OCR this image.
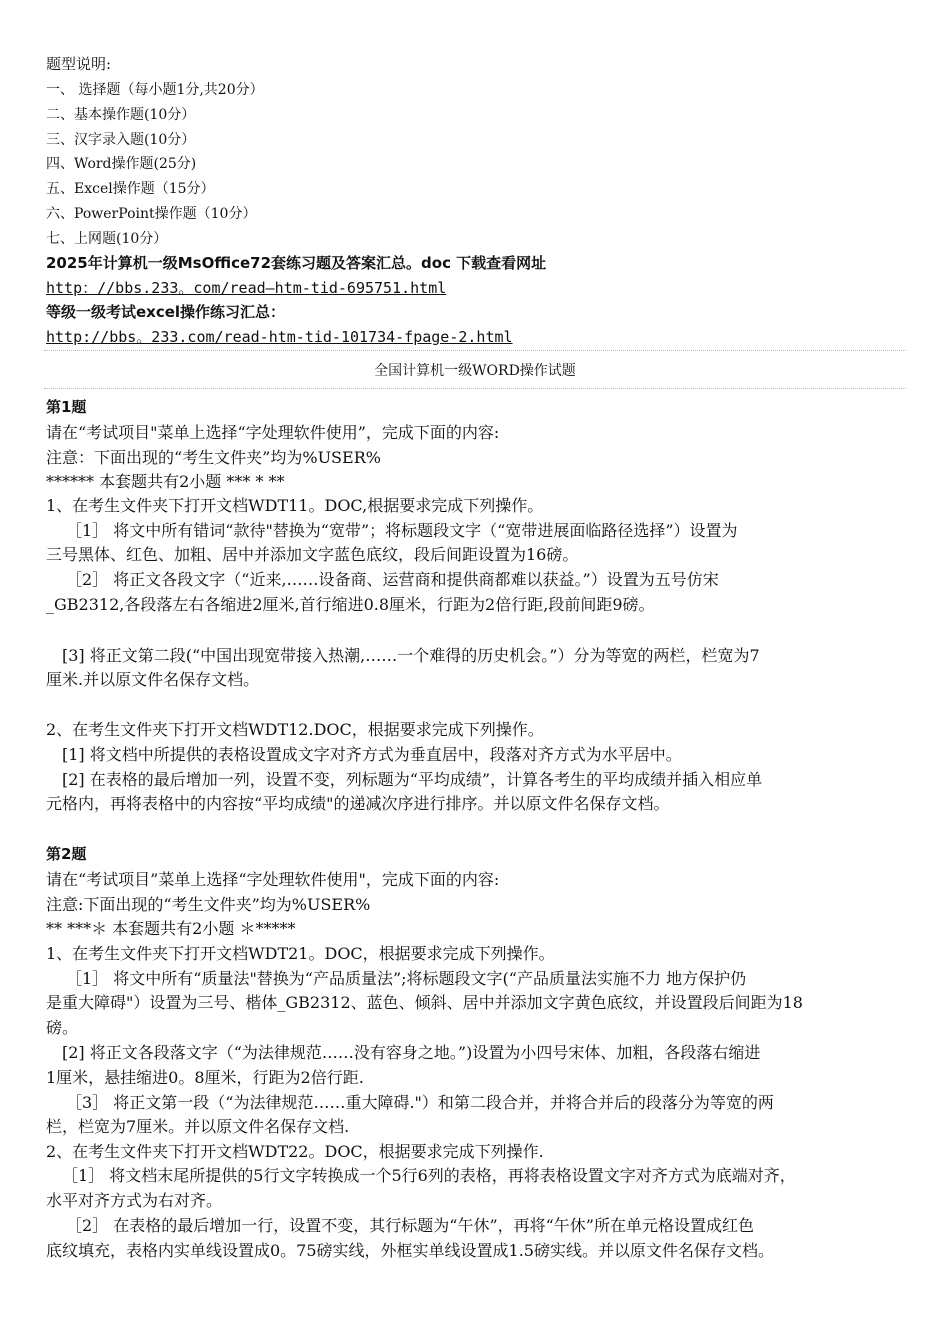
题型说明:
一、 选择题（每小题1分,共20分）
二、基本操作题(10分）
三、汉字录入题(10分）
四、Word操作题(25分)
五、Excel操作题（15分）
六、PowerPoint操作题（10分）
七、上网题(10分）
2025年计算机一级MsOffice72套练习题及答案汇总。doc 下载查看网址
http：//bbs.233。com/read—htm-tid-695751.html
等级一级考试excel操作练习汇总：
http://bbs。233.com/read-htm-tid-101734-fpage-2.html
全国计算机一级WORD操作试题
第1题
请在“考试项目"菜单上选择“字处理软件使用”，完成下面的内容:
注意：下面出现的“考生文件夹”均为%USER%
****** 本套题共有2小题 *** * **
1、在考生文件夹下打开文档WDT11。DOC,根据要求完成下列操作。
［1］ 将文中所有错词“款待"替换为“宽带”；将标题段文字（“宽带进展面临路径选择”）设置为
三号黑体、红色、加粗、居中并添加文字蓝色底纹，段后间距设置为16磅。
［2］ 将正文各段文字（“近来,……设备商、运营商和提供商都难以获益。”）设置为五号仿宋
_GB2312,各段落左右各缩进2厘米,首行缩进0.8厘米，行距为2倍行距,段前间距9磅。
[3] 将正文第二段(“中国出现宽带接入热潮,……一个难得的历史机会。”）分为等宽的两栏，栏宽为7
厘米.并以原文件名保存文档。
2、在考生文件夹下打开文档WDT12.DOC，根据要求完成下列操作。
[1] 将文档中所提供的表格设置成文字对齐方式为垂直居中，段落对齐方式为水平居中。
[2] 在表格的最后增加一列，设置不变，列标题为“平均成绩”，计算各考生的平均成绩并插入相应单
元格内，再将表格中的内容按“平均成绩"的递减次序进行排序。并以原文件名保存文档。
第2题
请在“考试项目”菜单上选择“字处理软件使用"，完成下面的内容:
注意:下面出现的“考生文件夹”均为%USER%
** ***＊ 本套题共有2小题 ＊*****
1、在考生文件夹下打开文档WDT21。DOC，根据要求完成下列操作。
［1］ 将文中所有“质量法"替换为“产品质量法”;将标题段文字(“产品质量法实施不力 地方保护仍
是重大障碍"）设置为三号、楷体_GB2312、蓝色、倾斜、居中并添加文字黄色底纹，并设置段后间距为18
磅。
[2] 将正文各段落文字（“为法律规范……没有容身之地。”)设置为小四号宋体、加粗，各段落右缩进
1厘米，悬挂缩进0。8厘米，行距为2倍行距.
［3］ 将正文第一段（“为法律规范……重大障碍."）和第二段合并，并将合并后的段落分为等宽的两
栏，栏宽为7厘米。并以原文件名保存文档.
2、在考生文件夹下打开文档WDT22。DOC，根据要求完成下列操作.
［1］ 将文档末尾所提供的5行文字转换成一个5行6列的表格，再将表格设置文字对齐方式为底端对齐，
水平对齐方式为右对齐。
［2］ 在表格的最后增加一行，设置不变，其行标题为“午休”，再将“午休”所在单元格设置成红色
底纹填充，表格内实单线设置成0。75磅实线，外框实单线设置成1.5磅实线。并以原文件名保存文档。
